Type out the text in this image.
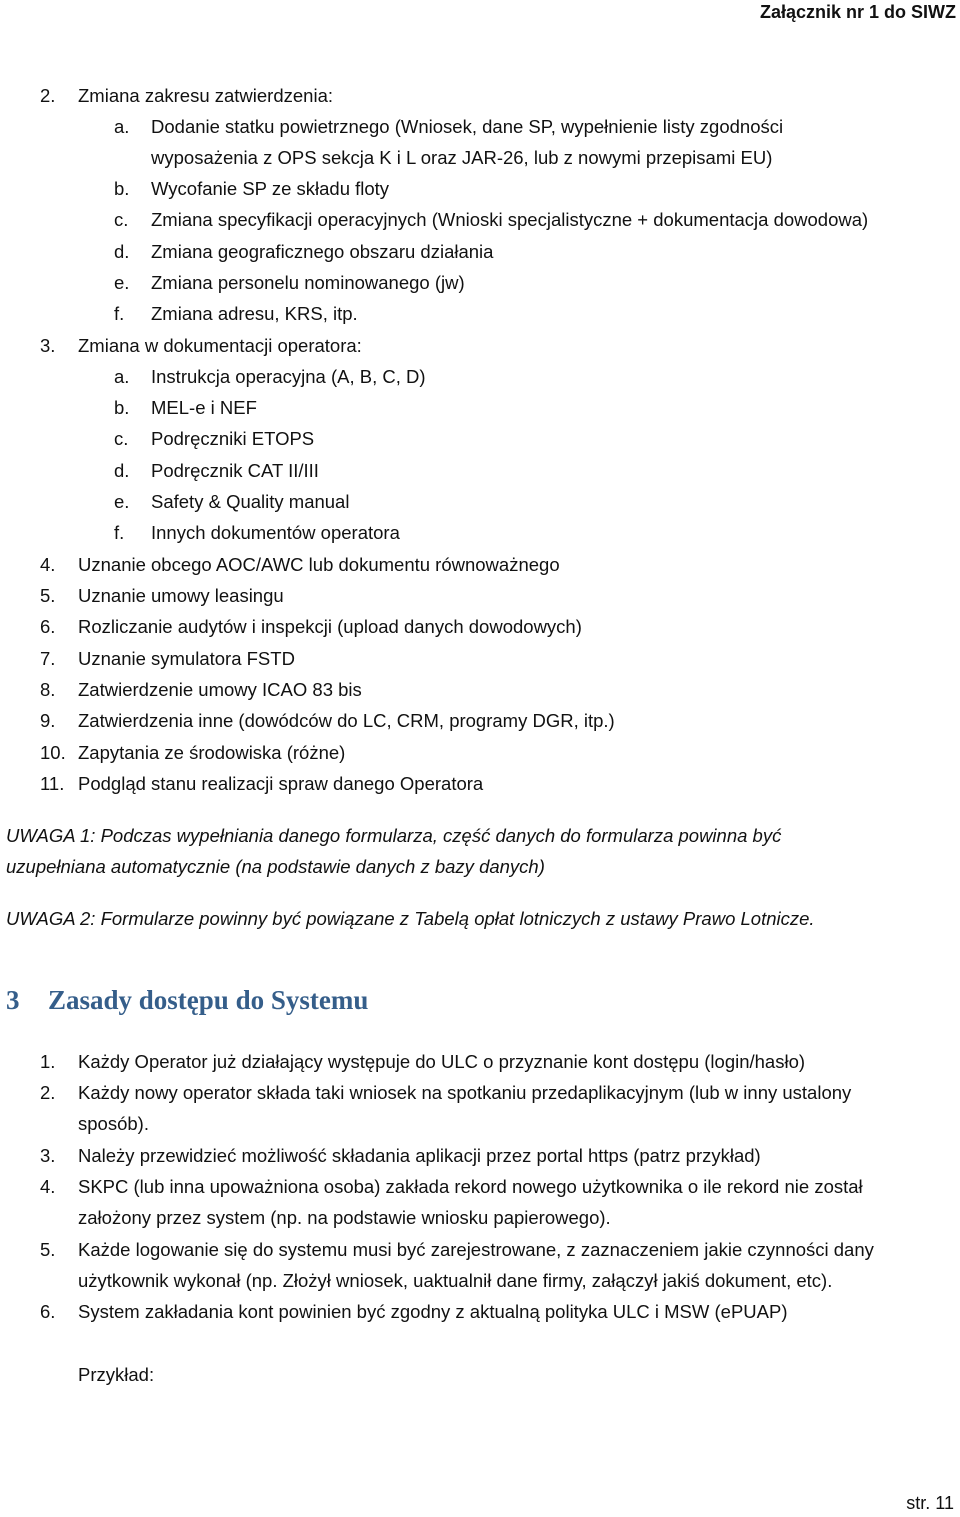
Załącznik nr 1 do SIWZ
2. Zmiana zakresu zatwierdzenia:
a. Dodanie statku powietrznego (Wniosek, dane SP, wypełnienie listy zgodności
wyposażenia z OPS sekcja K i L oraz JAR-26, lub z nowymi przepisami EU)
b. Wycofanie SP ze składu floty
c. Zmiana specyfikacji operacyjnych (Wnioski specjalistyczne + dokumentacja dowodowa)
d. Zmiana geograficznego obszaru działania
e. Zmiana personelu nominowanego (jw)
f. Zmiana adresu, KRS, itp.
3. Zmiana w dokumentacji operatora:
a. Instrukcja operacyjna (A, B, C, D)
b. MEL-e i NEF
c. Podręczniki ETOPS
d. Podręcznik CAT II/III
e. Safety & Quality manual
f. Innych dokumentów operatora
4. Uznanie obcego AOC/AWC lub dokumentu równoważnego
5. Uznanie umowy leasingu
6. Rozliczanie audytów i inspekcji (upload danych dowodowych)
7. Uznanie symulatora FSTD
8. Zatwierdzenie umowy ICAO 83 bis
9. Zatwierdzenia inne (dowódców do LC, CRM, programy DGR, itp.)
10. Zapytania ze środowiska (różne)
11. Podgląd stanu realizacji spraw danego Operatora
UWAGA 1: Podczas wypełniania danego formularza, część danych do formularza powinna być
uzupełniana automatycznie (na podstawie danych z bazy danych)
UWAGA 2: Formularze powinny być powiązane z Tabelą opłat lotniczych z ustawy Prawo Lotnicze.
3 Zasady dostępu do Systemu
1. Każdy Operator już działający występuje do ULC o przyznanie kont dostępu (login/hasło)
2. Każdy nowy operator składa taki wniosek na spotkaniu przedaplikacyjnym (lub w inny ustalony
sposób).
3. Należy przewidzieć możliwość składania aplikacji przez portal https (patrz przykład)
4. SKPC (lub inna upoważniona osoba) zakłada rekord nowego użytkownika o ile rekord nie został
założony przez system (np. na podstawie wniosku papierowego).
5. Każde logowanie się do systemu musi być zarejestrowane, z zaznaczeniem jakie czynności dany
użytkownik wykonał (np. Złożył wniosek, uaktualnił dane firmy, załączył jakiś dokument, etc).
6. System zakładania kont powinien być zgodny z aktualną polityka ULC i MSW (ePUAP)
Przykład:
str. 11
